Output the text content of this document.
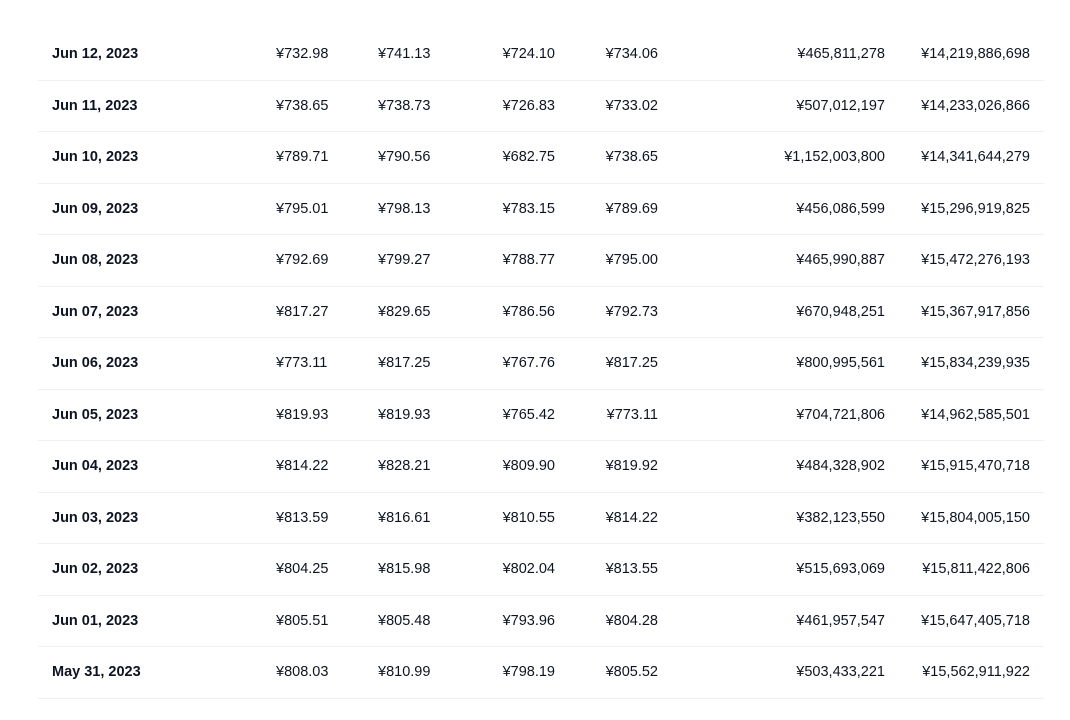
Jun 12, 2023	¥732.98	¥741.13	¥724.10	¥734.06	¥465,811,278 ¥14,219,886,698
Jun 11, 2023	¥738.65	¥738.73	¥726.83	¥733.02	¥507,012,197 ¥14,233,026,866
Jun 10, 2023	¥789.71	¥790.56	¥682.75	¥738.65	¥1,152,003,800 ¥14,341,644,279
Jun 09, 2023	¥795.01	¥798.13	¥783.15	¥789.69	¥456,086,599 ¥15,296,919,825
Jun 08, 2023	¥792.69	¥799.27	¥788.77	¥795.00	¥465,990,887 ¥15,472,276,193
Jun 07, 2023	¥817.27	¥829.65	¥786.56	¥792.73	¥670,948,251 ¥15,367,917,856
Jun 06, 2023	¥773.11	¥817.25	¥767.76	¥817.25	¥800,995,561 ¥15,834,239,935
Jun 05, 2023	¥819.93	¥819.93	¥765.42	¥773.11	¥704,721,806 ¥14,962,585,501
Jun 04, 2023	¥814.22	¥828.21	¥809.90	¥819.92	¥484,328,902 ¥15,915,470,718
Jun 03, 2023	¥813.59	¥816.61	¥810.55	¥814.22	¥382,123,550 ¥15,804,005,150
Jun 02, 2023	¥804.25	¥815.98	¥802.04	¥813.55	¥515,693,069	¥15,811,422,806
Jun 01, 2023	¥805.51	¥805.48	¥793.96	¥804.28	¥461,957,547 ¥15,647,405,718
May 31, 2023	¥808.03	¥810.99	¥798.19	¥805.52	¥503,433,221	¥15,562,911,922
